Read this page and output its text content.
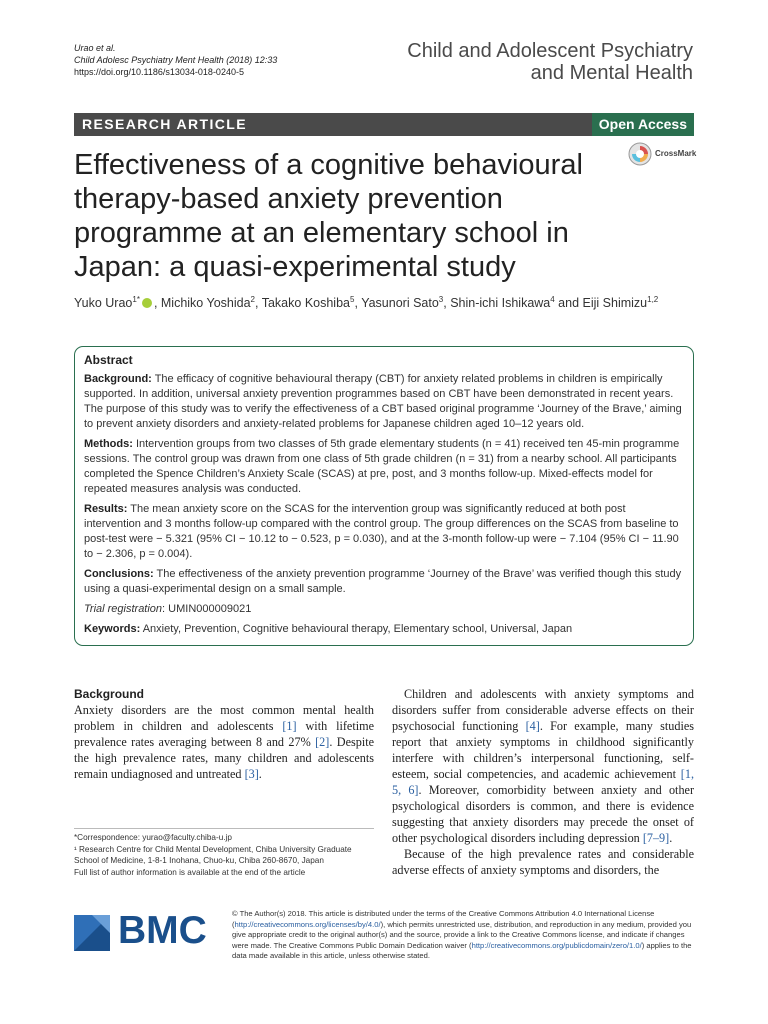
Urao et al.
Child Adolesc Psychiatry Ment Health (2018) 12:33
https://doi.org/10.1186/s13034-018-0240-5
Child and Adolescent Psychiatry
and Mental Health
RESEARCH ARTICLE	Open Access
CrossMark
Effectiveness of a cognitive behavioural therapy-based anxiety prevention programme at an elementary school in Japan: a quasi-experimental study
Yuko Urao$^{1*}$ , Michiko Yoshida$^2$, Takako Koshiba$^5$, Yasunori Sato$^3$, Shin-ichi Ishikawa$^4$ and Eiji Shimizu$^{1,2}$
Abstract

Background: The efficacy of cognitive behavioural therapy (CBT) for anxiety related problems in children is empirically supported. In addition, universal anxiety prevention programmes based on CBT have been demonstrated in recent years. The purpose of this study was to verify the effectiveness of a CBT based original programme ‘Journey of the Brave,’ aiming to prevent anxiety disorders and anxiety-related problems for Japanese children aged 10–12 years old.

Methods: Intervention groups from two classes of 5th grade elementary students (n = 41) received ten 45-min programme sessions. The control group was drawn from one class of 5th grade children (n = 31) from a nearby school. All participants completed the Spence Children’s Anxiety Scale (SCAS) at pre, post, and 3 months follow-up. Mixed-effects model for repeated measures analysis was conducted.

Results: The mean anxiety score on the SCAS for the intervention group was significantly reduced at both post intervention and 3 months follow-up compared with the control group. The group differences on the SCAS from baseline to post-test were − 5.321 (95% CI − 10.12 to − 0.523, p = 0.030), and at the 3-month follow-up were − 7.104 (95% CI − 11.90 to − 2.306, p = 0.004).

Conclusions: The effectiveness of the anxiety prevention programme ‘Journey of the Brave’ was verified though this study using a quasi-experimental design on a small sample.

Trial registration: UMIN000009021

Keywords: Anxiety, Prevention, Cognitive behavioural therapy, Elementary school, Universal, Japan

Background

Anxiety disorders are the most common mental health problem in children and adolescents [1] with lifetime prevalence rates averaging between 8 and 27% [2]. Despite the high prevalence rates, many children and adolescents remain undiagnosed and untreated [3].

Children and adolescents with anxiety symptoms and disorders suffer from considerable adverse effects on their psychosocial functioning [4]. For example, many studies report that anxiety symptoms in childhood significantly interfere with children’s interpersonal functioning, self-esteem, social competencies, and academic achievement [1, 5, 6]. Moreover, comorbidity between anxiety and other psychological disorders is common, and there is evidence suggesting that anxiety disorders may precede the onset of other psychological disorders including depression [7–9].

Because of the high prevalence rates and considerable adverse effects of anxiety symptoms and disorders, the

*Correspondence: yurao@faculty.chiba-u.jp
¹ Research Centre for Child Mental Development, Chiba University Graduate School of Medicine, 1-8-1 Inohana, Chuo-ku, Chiba 260-8670, Japan
Full list of author information is available at the end of the article
BMC	© The Author(s) 2018. This article is distributed under the terms of the Creative Commons Attribution 4.0 International License (http://creativecommons.org/licenses/by/4.0/), which permits unrestricted use, distribution, and reproduction in any medium, provided you give appropriate credit to the original author(s) and the source, provide a link to the Creative Commons license, and indicate if changes were made. The Creative Commons Public Domain Dedication waiver (http://creativecommons.org/publicdomain/zero/1.0/) applies to the data made available in this article, unless otherwise stated.
